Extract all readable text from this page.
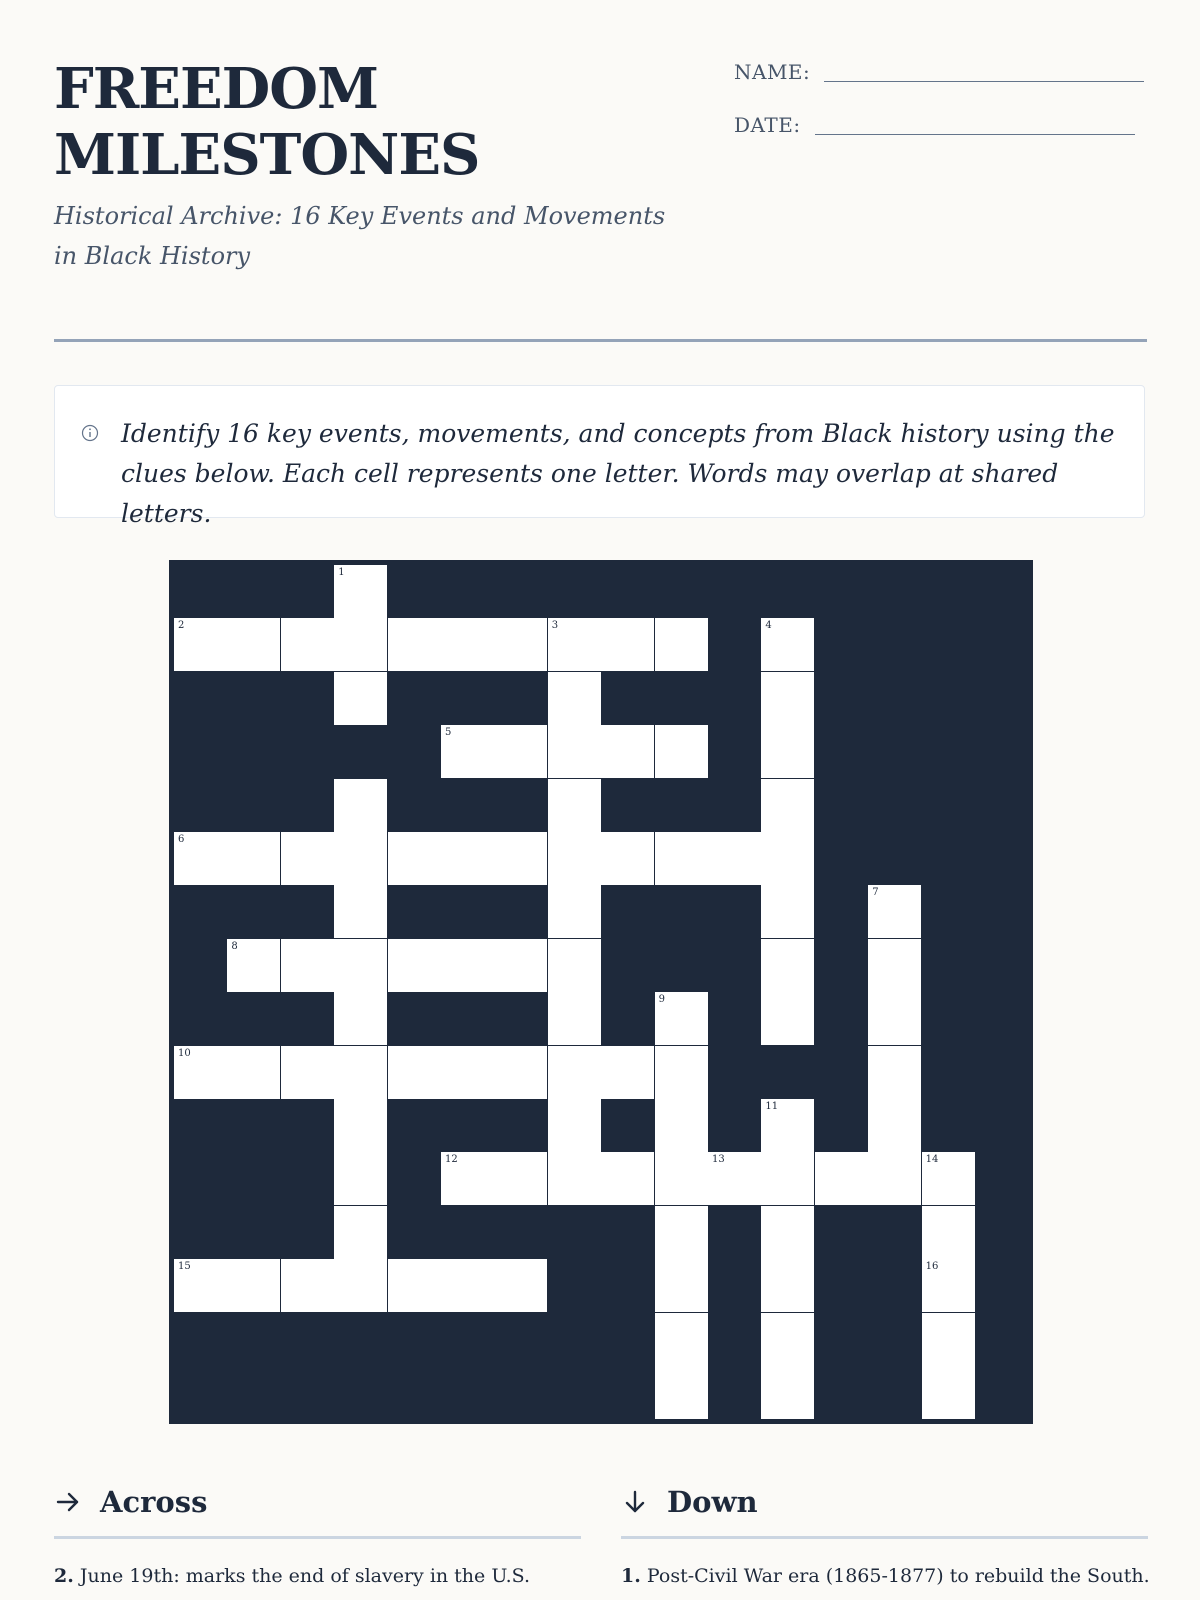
FREEDOM
MILESTONES
Historical Archive: 16 Key Events and Movements in Black History
NAME:
DATE:
Identify 16 key events, movements, and concepts from Black history using the clues below. Each cell represents one letter. Words may overlap at shared letters.
1
2	3	4
5
6
7
8
9
10
11
12	13	14
15	16
Across
2. June 19th: marks the end of slavery in the U.S.
Down
1. Post-Civil War era (1865-1877) to rebuild the South.
